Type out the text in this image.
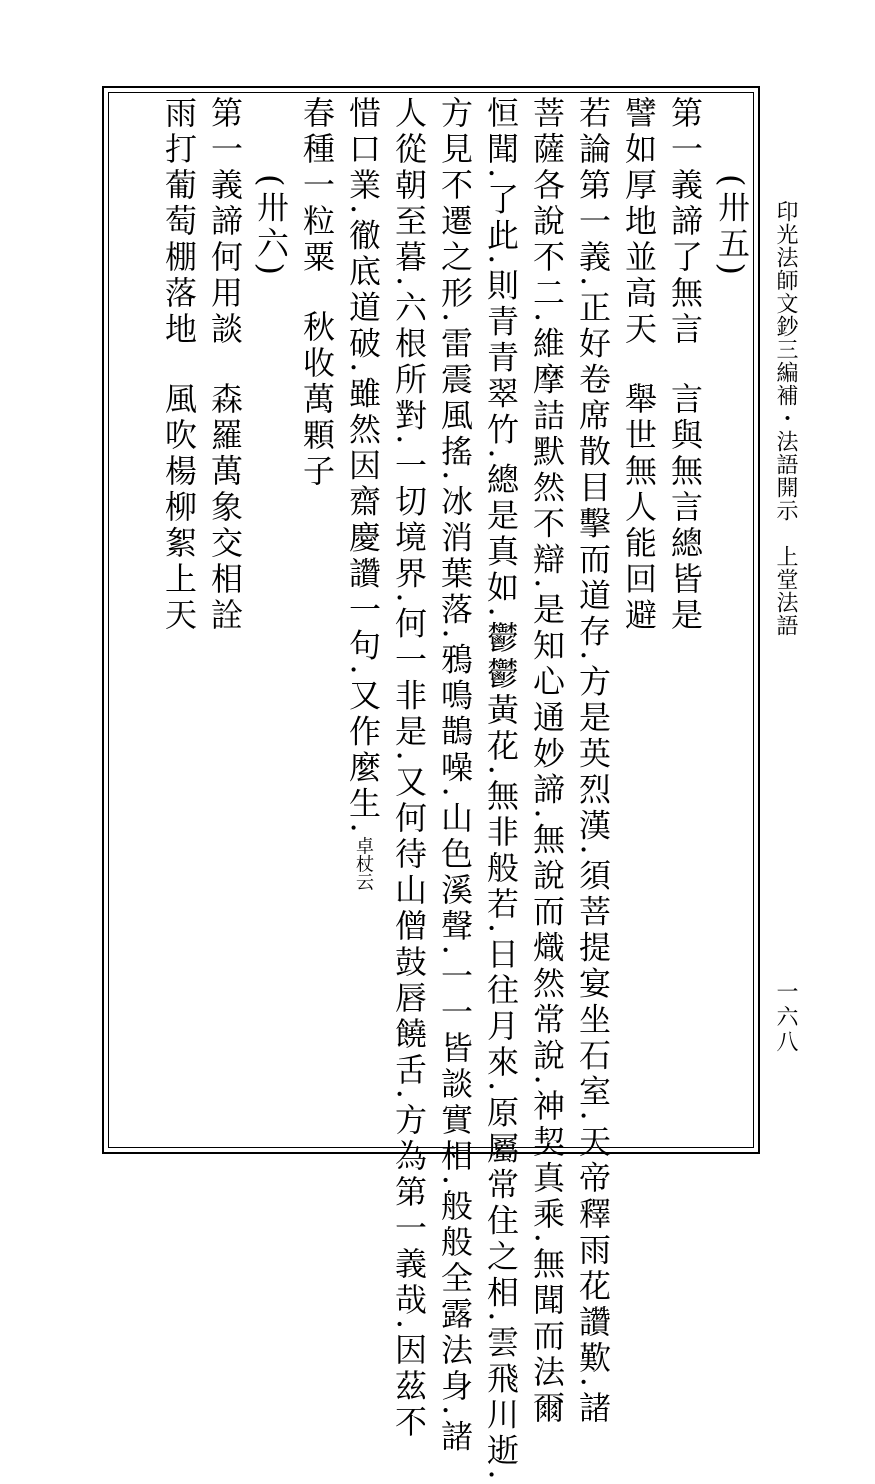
印光法師文鈔三編補・法語開示　上堂法語
一六八
(卅五)
第一義諦了無言言與無言總皆是
譬如厚地並高天舉世無人能回避
若論第一義.正好卷席散目擊而道存.方是英烈漢.須菩提宴坐石室.天帝釋雨花讚歎.諸
菩薩各說不二.維摩詰默然不辯.是知心通妙諦.無說而熾然常說.神契真乘.無聞而法爾
恒聞.了此.則青青翠竹.總是真如.鬱鬱黃花.無非般若.日往月來.原屬常住之相.雲飛川逝.
方見不遷之形.雷震風搖.冰消葉落.鴉鳴鵲噪.山色溪聲.一一皆談實相.般般全露法身.諸
人從朝至暮.六根所對.一切境界.何一非是.又何待山僧鼓唇饒舌.方為第一義哉.因茲不
惜口業.徹底道破.雖然因齋慶讚一句.又作麼生.卓杖云
春種一粒粟秋收萬顆子
(卅六)
第一義諦何用談森羅萬象交相詮
雨打葡萄棚落地風吹楊柳絮上天
